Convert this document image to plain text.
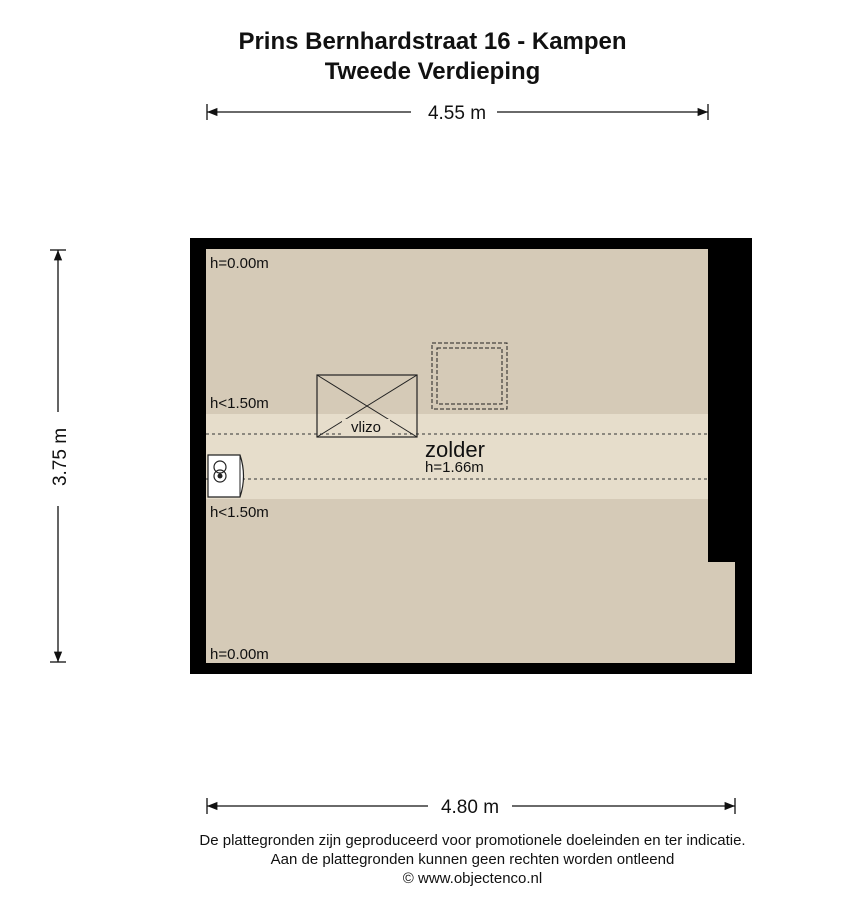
Prins Bernhardstraat 16 - Kampen
Tweede Verdieping
4.55 m
3.75 m
vlizo
h=0.00m
h<1.50m
h<1.50m
h=0.00m
zolder
h=1.66m
4.80 m
De plattegronden zijn geproduceerd voor promotionele doeleinden en ter indicatie.
Aan de plattegronden kunnen geen rechten worden ontleend
© www.objectenco.nl
